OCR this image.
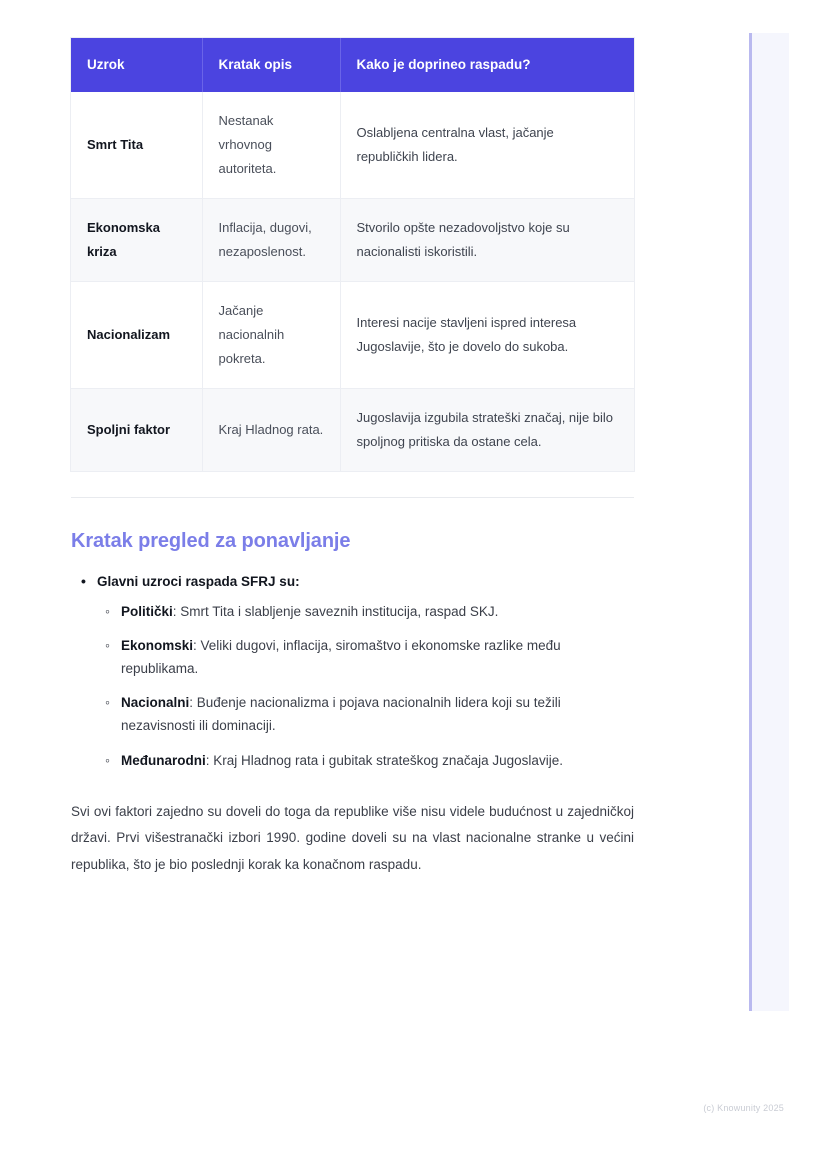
Uzrok	Kratak opis	Kako je doprineo raspadu?
Smrt Tita	Nestanak vrhovnog autoriteta.	Oslabljena centralna vlast, jačanje republičkih lidera.
Ekonomska kriza	Inflacija, dugovi, nezaposlenost.	Stvorilo opšte nezadovoljstvo koje su nacionalisti iskoristili.
Nacionalizam	Jačanje nacionalnih pokreta.	Interesi nacije stavljeni ispred interesa Jugoslavije, što je dovelo do sukoba.
Spoljni faktor	Kraj Hladnog rata.	Jugoslavija izgubila strateški značaj, nije bilo spoljnog pritiska da ostane cela.
Kratak pregled za ponavljanje
• Glavni uzroci raspada SFRJ su:
◦ Politički: Smrt Tita i slabljenje saveznih institucija, raspad SKJ.
◦ Ekonomski: Veliki dugovi, inflacija, siromaštvo i ekonomske razlike među republikama.
◦ Nacionalni: Buđenje nacionalizma i pojava nacionalnih lidera koji su težili nezavisnosti ili dominaciji.
◦ Međunarodni: Kraj Hladnog rata i gubitak strateškog značaja Jugoslavije.

Svi ovi faktori zajedno su doveli do toga da republike više nisu videle budućnost u zajedničkoj državi. Prvi višestranački izbori 1990. godine doveli su na vlast nacionalne stranke u većini republika, što je bio poslednji korak ka konačnom raspadu.

(c) Knowunity 2025
